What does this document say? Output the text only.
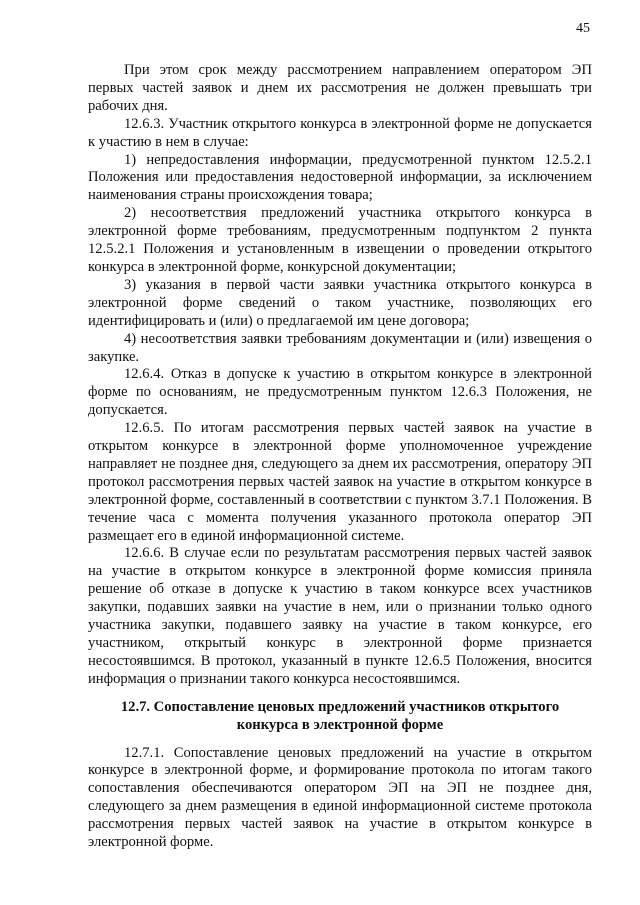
45

При этом срок между рассмотрением направлением оператором ЭП первых частей заявок и днем их рассмотрения не должен превышать три рабочих дня.

12.6.3. Участник открытого конкурса в электронной форме не допускается к участию в нем в случае:

1) непредоставления информации, предусмотренной пунктом 12.5.2.1 Положения или предоставления недостоверной информации, за исключением наименования страны происхождения товара;

2) несоответствия предложений участника открытого конкурса в электронной форме требованиям, предусмотренным подпунктом 2 пункта 12.5.2.1 Положения и установленным в извещении о проведении открытого конкурса в электронной форме, конкурсной документации;

3) указания в первой части заявки участника открытого конкурса в электронной форме сведений о таком участнике, позволяющих его идентифицировать и (или) о предлагаемой им цене договора;

4) несоответствия заявки требованиям документации и (или) извещения о закупке.

12.6.4. Отказ в допуске к участию в открытом конкурсе в электронной форме по основаниям, не предусмотренным пунктом 12.6.3 Положения, не допускается.

12.6.5. По итогам рассмотрения первых частей заявок на участие в открытом конкурсе в электронной форме уполномоченное учреждение направляет не позднее дня, следующего за днем их рассмотрения, оператору ЭП протокол рассмотрения первых частей заявок на участие в открытом конкурсе в электронной форме, составленный в соответствии с пунктом 3.7.1 Положения. В течение часа с момента получения указанного протокола оператор ЭП размещает его в единой информационной системе.

12.6.6. В случае если по результатам рассмотрения первых частей заявок на участие в открытом конкурсе в электронной форме комиссия приняла решение об отказе в допуске к участию в таком конкурсе всех участников закупки, подавших заявки на участие в нем, или о признании только одного участника закупки, подавшего заявку на участие в таком конкурсе, его участником, открытый конкурс в электронной форме признается несостоявшимся. В протокол, указанный в пункте 12.6.5 Положения, вносится информация о признании такого конкурса несостоявшимся.

12.7. Сопоставление ценовых предложений участников открытого конкурса в электронной форме

12.7.1. Сопоставление ценовых предложений на участие в открытом конкурсе в электронной форме, и формирование протокола по итогам такого сопоставления обеспечиваются оператором ЭП на ЭП не позднее дня, следующего за днем размещения в единой информационной системе протокола рассмотрения первых частей заявок на участие в открытом конкурсе в электронной форме.
